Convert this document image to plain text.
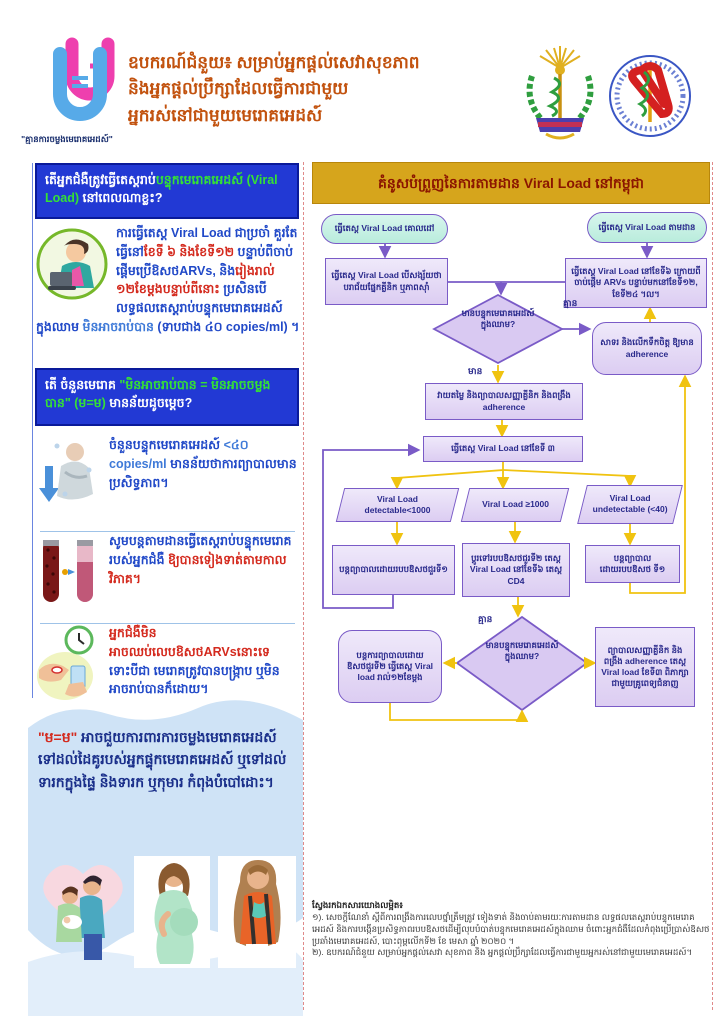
"គ្មានការចម្លងមេរោគអេដស៍"
ឧបករណ៍ជំនួយ៖ សម្រាប់អ្នកផ្តល់សេវាសុខភាព
និងអ្នកផ្តល់ប្រឹក្សាដែលធ្វើការជាមួយ
អ្នករស់នៅជាមួយមេរោគអេដស៍
តើអ្នកជំងឺត្រូវធ្វើតេស្តរាប់បន្ទុកមេរោគអេដស៍ (Viral Load) នៅពេលណាខ្លះ?
ការធ្វើតេស្ត Viral Load ជាប្រចាំ គួរតែធ្វើនៅខែទី ៦ និងខែទី១២ បន្ទាប់ពីចាប់ផ្តើមប្រើឱសថARVs, និងរៀងរាល់ ១២ខែម្តងបន្ទាប់ពីនោះ ប្រសិនបើលទ្ធផលតេស្តរាប់បន្ទុកមេរោគអេដស៍ក្នុងឈាម មិនអាចរាប់បាន (ទាបជាង ៤០ copies/ml) ។
តើ ចំនួនមេរោគ "មិនអាចរាប់បាន = មិនអាចចម្លងបាន" (ម=ម) មានន័យដូចម្តេច?
ចំនួនបន្ទុកមេរោគអេដស៍ <៤០ copies/ml មានន័យថាការព្យាបាលមានប្រសិទ្ធភាព។
សូមបន្តតាមដានធ្វើតេស្តរាប់បន្ទុកមេរោគរបស់អ្នកជំងឺ ឱ្យបានទៀងទាត់តាមកាលវិភាគ។
អ្នកជំងឺមិនអាចឈប់លេបឱសថARVsនោះទេ ទោះបីជា មេរោគត្រូវបានបង្ក្រាប ឬមិនអាចរាប់បានក៏ដោយ។
"ម=ម" អាចជួយការពារការចម្លងមេរោគអេដស៍ ទៅដល់ដៃគូរបស់អ្នកផ្ទុកមេរោគអេដស៍ ឬទៅដល់ ទារកក្នុងផ្ទៃ និងទារក ឬកុមារ កំពុងបំបៅដោះ។
គំនូសបំព្រួញនៃការតាមដាន Viral Load នៅកម្ពុជា
ធ្វើតេស្ត Viral Load គោលដៅ	ធ្វើតេស្ត Viral Load តាមដាន
ធ្វើតេស្ត Viral Load បើសង្ស័យថា បរាជ័យផ្នែកគ្លីនិក ឬភាពស៊ាំ
ធ្វើតេស្ត Viral Load នៅខែទី៦ ក្រោយពីចាប់ផ្តើម ARVs បន្ទាប់មកនៅខែទី១២, ខែទី២៤ ។ល។
មានបន្ទុកមេរោគអេដស៍ក្នុងឈាម?
សាទរ និងលើកទឹកចិត្ត ឱ្យមាន adherence
គ្មាន
មាន
វាយតម្លៃ និងព្យាបាលសញ្ញាគ្លីនិក និងពង្រឹង adherence
ធ្វើតេស្ត Viral Load នៅខែទី ៣
Viral Load detectable<1000
Viral Load ≥1000
Viral Load undetectable (<40)
បន្តព្យាបាលដោយរបបឱសថជួរទី១
ប្តូរទៅរបបឱសថជួរទី២ តេស្ត Viral Load នៅខែទី៦ តេស្ត CD4
បន្តព្យាបាលដោយរបបឱសថ ទី១
មានបន្ទុកមេរោគអេដស៍ក្នុងឈាម?
គ្មាន
បន្តការព្យាបាលដោយ ឱសថជួរទី២ ធ្វើតេស្ត Viral load រាល់១២ខែម្តង
ព្យាបាលសញ្ញាគ្លីនិក និងពង្រឹង adherence តេស្ត Viral load ខែទី៣ ពិភាក្សាជាមួយគ្រូពេទ្យជំនាញ
ស្វែងរកឯកសារយោងលម្អិត៖
១). សេចក្តីណែនាំ ស្តីពីការពង្រឹងការលេបថ្នាំត្រឹមត្រូវ ទៀងទាត់ និងចាប់តាមរយៈការតាមដាន លទ្ធផលតេស្តរាប់បន្ទុកមេរោគអេដស៍ និងការបង្កើនប្រសិទ្ធភាពរបបឱសថដើម្បីលុបបំបាត់បន្ទុកមេរោគអេដស៍ក្នុងឈាម ចំពោះអ្នកជំងឺដែលកំពុងប្រើប្រាស់ឱសថប្រឆាំងមេរោគអេដស៍, បោះពុម្ពលើកទី២ ខែ មេសា ឆ្នាំ ២០២០ ។
២). ឧបករណ៍ជំនួយ សម្រាប់អ្នកផ្តល់សេវា សុខភាព និង អ្នកផ្តល់ប្រឹក្សាដែលធ្វើការជាមួយអ្នករស់នៅជាមួយមេរោគអេដស៍។
